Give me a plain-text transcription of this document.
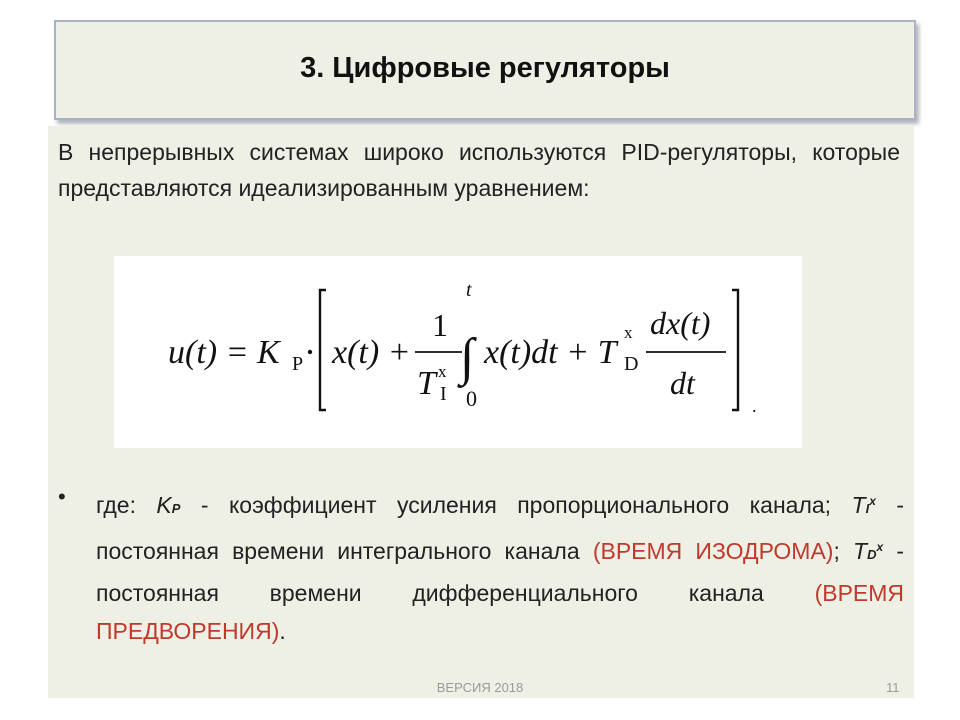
3. Цифровые регуляторы
В непрерывных системах широко используются PID-регуляторы, которые представляются идеализированным уравнением:
u(t) = K P x(t) +
1
T x
I
∫
t
0
x(t)dt + T
x
D
dx(t)
dt
.
• где: KP - коэффициент усиления пропорционального канала; $TI^x$ - постоянная времени интегрального канала (ВРЕМЯ ИЗОДРОМА); $TD^x$ - постоянная времени дифференциального канала (ВРЕМЯ ПРЕДВОРЕНИЯ).
ВЕРСИЯ 2018	11
